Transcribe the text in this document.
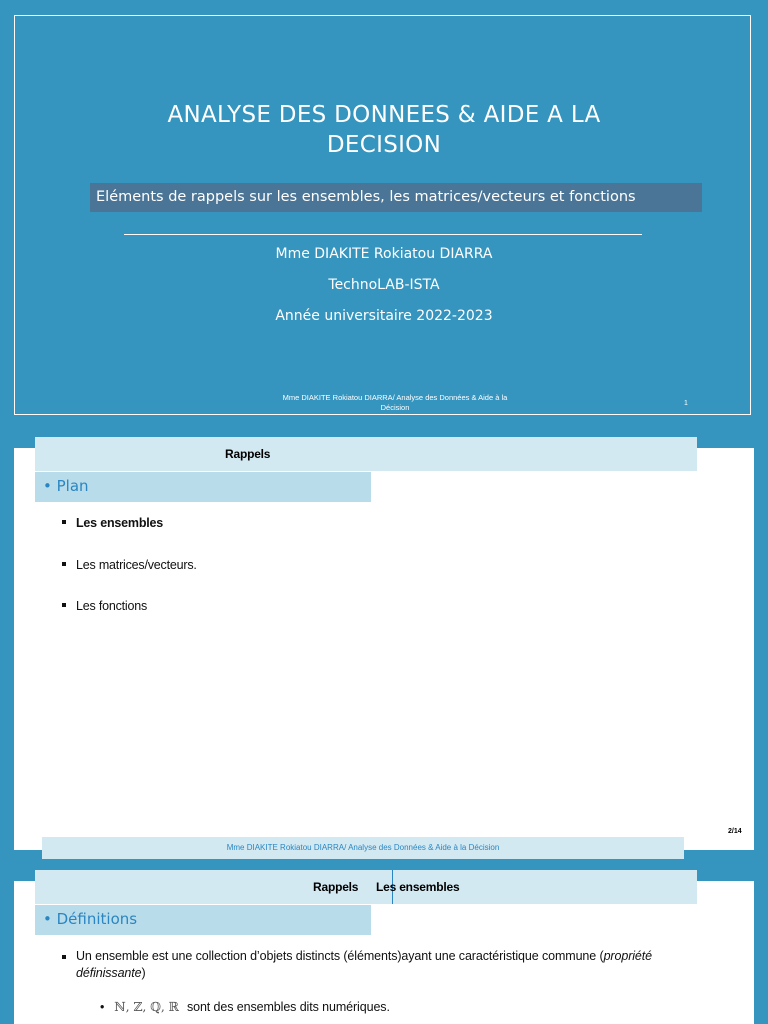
ANALYSE DES DONNEES & AIDE A LA
DECISION
Eléments de rappels sur les ensembles, les matrices/vecteurs et fonctions
Mme DIAKITE Rokiatou DIARRA
TechnoLAB-ISTA
Année universitaire 2022-2023
Mme DIAKITE Rokiatou DIARRA/ Analyse des Données & Aide à la
Décision	1
Rappels
• Plan
Les ensembles
Les matrices/vecteurs.
Les fonctions
2/14
Mme DIAKITE Rokiatou DIARRA/ Analyse des Données & Aide à la Décision
Rappels Les ensembles
• Définitions
Un ensemble est une collection d’objets distincts (éléments)ayant une caractéristique commune (propriété
définissante)
• ℕ, ℤ, ℚ, ℝ sont des ensembles dits numériques.
